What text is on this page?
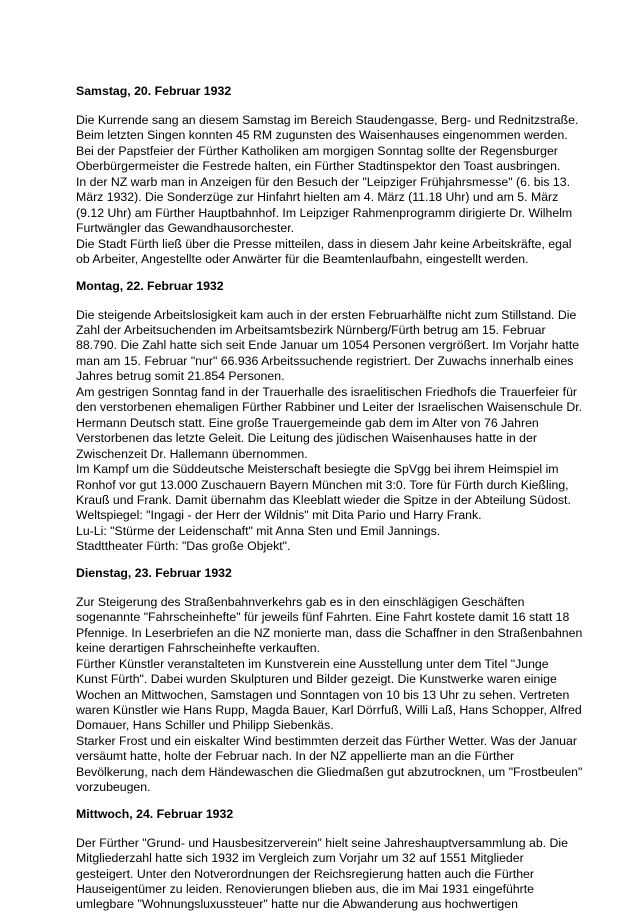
Samstag, 20. Februar 1932

Die Kurrende sang an diesem Samstag im Bereich Staudengasse, Berg- und Rednitzstraße.
Beim letzten Singen konnten 45 RM zugunsten des Waisenhauses eingenommen werden.
Bei der Papstfeier der Fürther Katholiken am morgigen Sonntag sollte der Regensburger
Oberbürgermeister die Festrede halten, ein Fürther Stadtinspektor den Toast ausbringen.
In der NZ warb man in Anzeigen für den Besuch der "Leipziger Frühjahrsmesse" (6. bis 13.
März 1932). Die Sonderzüge zur Hinfahrt hielten am 4. März (11.18 Uhr) und am 5. März
(9.12 Uhr) am Fürther Hauptbahnhof. Im Leipziger Rahmenprogramm dirigierte Dr. Wilhelm
Furtwängler das Gewandhausorchester.
Die Stadt Fürth ließ über die Presse mitteilen, dass in diesem Jahr keine Arbeitskräfte, egal
ob Arbeiter, Angestellte oder Anwärter für die Beamtenlaufbahn, eingestellt werden.

Montag, 22. Februar 1932

Die steigende Arbeitslosigkeit kam auch in der ersten Februarhälfte nicht zum Stillstand. Die
Zahl der Arbeitsuchenden im Arbeitsamtsbezirk Nürnberg/Fürth betrug am 15. Februar
88.790. Die Zahl hatte sich seit Ende Januar um 1054 Personen vergrößert. Im Vorjahr hatte
man am 15. Februar "nur" 66.936 Arbeitssuchende registriert. Der Zuwachs innerhalb eines
Jahres betrug somit 21.854 Personen.
Am gestrigen Sonntag fand in der Trauerhalle des israelitischen Friedhofs die Trauerfeier für
den verstorbenen ehemaligen Fürther Rabbiner und Leiter der Israelischen Waisenschule Dr.
Hermann Deutsch statt. Eine große Trauergemeinde gab dem im Alter von 76 Jahren
Verstorbenen das letzte Geleit. Die Leitung des jüdischen Waisenhauses hatte in der
Zwischenzeit Dr. Hallemann übernommen.
Im Kampf um die Süddeutsche Meisterschaft besiegte die SpVgg bei ihrem Heimspiel im
Ronhof vor gut 13.000 Zuschauern Bayern München mit 3:0. Tore für Fürth durch Kießling,
Krauß und Frank. Damit übernahm das Kleeblatt wieder die Spitze in der Abteilung Südost.
Weltspiegel: "Ingagi - der Herr der Wildnis" mit Dita Pario und Harry Frank.
Lu-Li: "Stürme der Leidenschaft" mit Anna Sten und Emil Jannings.
Stadttheater Fürth: "Das große Objekt".

Dienstag, 23. Februar 1932

Zur Steigerung des Straßenbahnverkehrs gab es in den einschlägigen Geschäften
sogenannte "Fahrscheinhefte" für jeweils fünf Fahrten. Eine Fahrt kostete damit 16 statt 18
Pfennige. In Leserbriefen an die NZ monierte man, dass die Schaffner in den Straßenbahnen
keine derartigen Fahrscheinhefte verkauften.
Fürther Künstler veranstalteten im Kunstverein eine Ausstellung unter dem Titel "Junge
Kunst Fürth". Dabei wurden Skulpturen und Bilder gezeigt. Die Kunstwerke waren einige
Wochen an Mittwochen, Samstagen und Sonntagen von 10 bis 13 Uhr zu sehen. Vertreten
waren Künstler wie Hans Rupp, Magda Bauer, Karl Dörrfuß, Willi Laß, Hans Schopper, Alfred
Domauer, Hans Schiller und Philipp Siebenkäs.
Starker Frost und ein eiskalter Wind bestimmten derzeit das Fürther Wetter. Was der Januar
versäumt hatte, holte der Februar nach. In der NZ appellierte man an die Fürther
Bevölkerung, nach dem Händewaschen die Gliedmaßen gut abzutrocknen, um "Frostbeulen"
vorzubeugen.

Mittwoch, 24. Februar 1932

Der Fürther "Grund- und Hausbesitzerverein" hielt seine Jahreshauptversammlung ab. Die
Mitgliederzahl hatte sich 1932 im Vergleich zum Vorjahr um 32 auf 1551 Mitglieder
gesteigert. Unter den Notverordnungen der Reichsregierung hatten auch die Fürther
Hauseigentümer zu leiden. Renovierungen blieben aus, die im Mai 1931 eingeführte
umlegbare "Wohnungsluxussteuer" hatte nur die Abwanderung aus hochwertigen
